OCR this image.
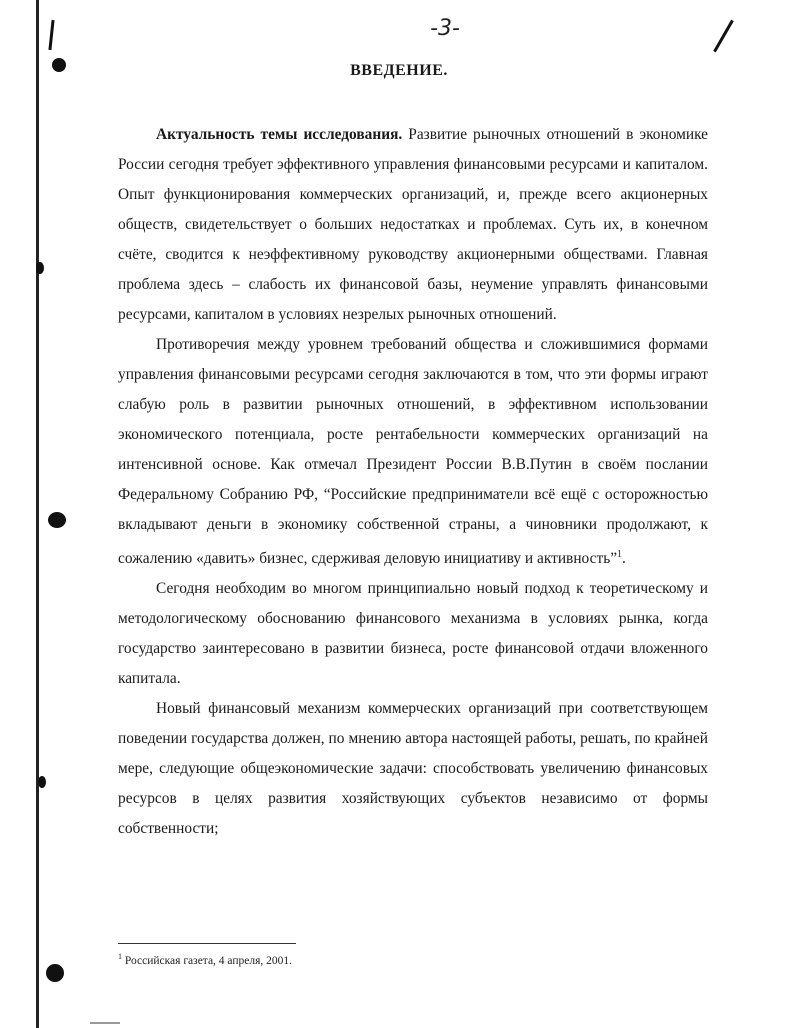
-3-
ВВЕДЕНИЕ.

Актуальность темы исследования. Развитие рыночных отношений в экономике России сегодня требует эффективного управления финансовыми ресурсами и капиталом. Опыт функционирования коммерческих организаций, и, прежде всего акционерных обществ, свидетельствует о больших недостатках и проблемах. Суть их, в конечном счёте, сводится к неэффективному руководству акционерными обществами. Главная проблема здесь – слабость их финансовой базы, неумение управлять финансовыми ресурсами, капиталом в условиях незрелых рыночных отношений.

Противоречия между уровнем требований общества и сложившимися формами управления финансовыми ресурсами сегодня заключаются в том, что эти формы играют слабую роль в развитии рыночных отношений, в эффективном использовании экономического потенциала, росте рентабельности коммерческих организаций на интенсивной основе. Как отмечал Президент России В.В.Путин в своём послании Федеральному Собранию РФ, “Российские предприниматели всё ещё с осторожностью вкладывают деньги в экономику собственной страны, а чиновники продолжают, к сожалению «давить» бизнес, сдерживая деловую инициативу и активность”$^1$.

Сегодня необходим во многом принципиально новый подход к теоретическому и методологическому обоснованию финансового механизма в условиях рынка, когда государство заинтересовано в развитии бизнеса, росте финансовой отдачи вложенного капитала.

Новый финансовый механизм коммерческих организаций при соответствующем поведении государства должен, по мнению автора настоящей работы, решать, по крайней мере, следующие общеэкономические задачи: способствовать увеличению финансовых ресурсов в целях развития хозяйствующих субъектов независимо от формы собственности;

$^1$ Российская газета, 4 апреля, 2001.
